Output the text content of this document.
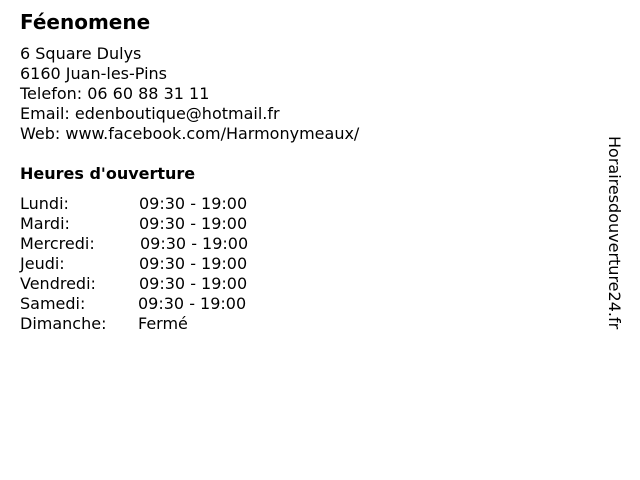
Féenomene
6 Square Dulys
6160 Juan-les-Pins
Telefon: 06 60 88 31 11
Email: edenboutique@hotmail.fr
Web: www.facebook.com/Harmonymeaux/
Heures d'ouverture
Lundi:	09:30 - 19:00
Mardi:	09:30 - 19:00
Mercredi:	09:30 - 19:00
Jeudi:	09:30 - 19:00
Vendredi:	09:30 - 19:00
Samedi:	09:30 - 19:00
Dimanche: Fermé	Horairesdouverture24.fr
